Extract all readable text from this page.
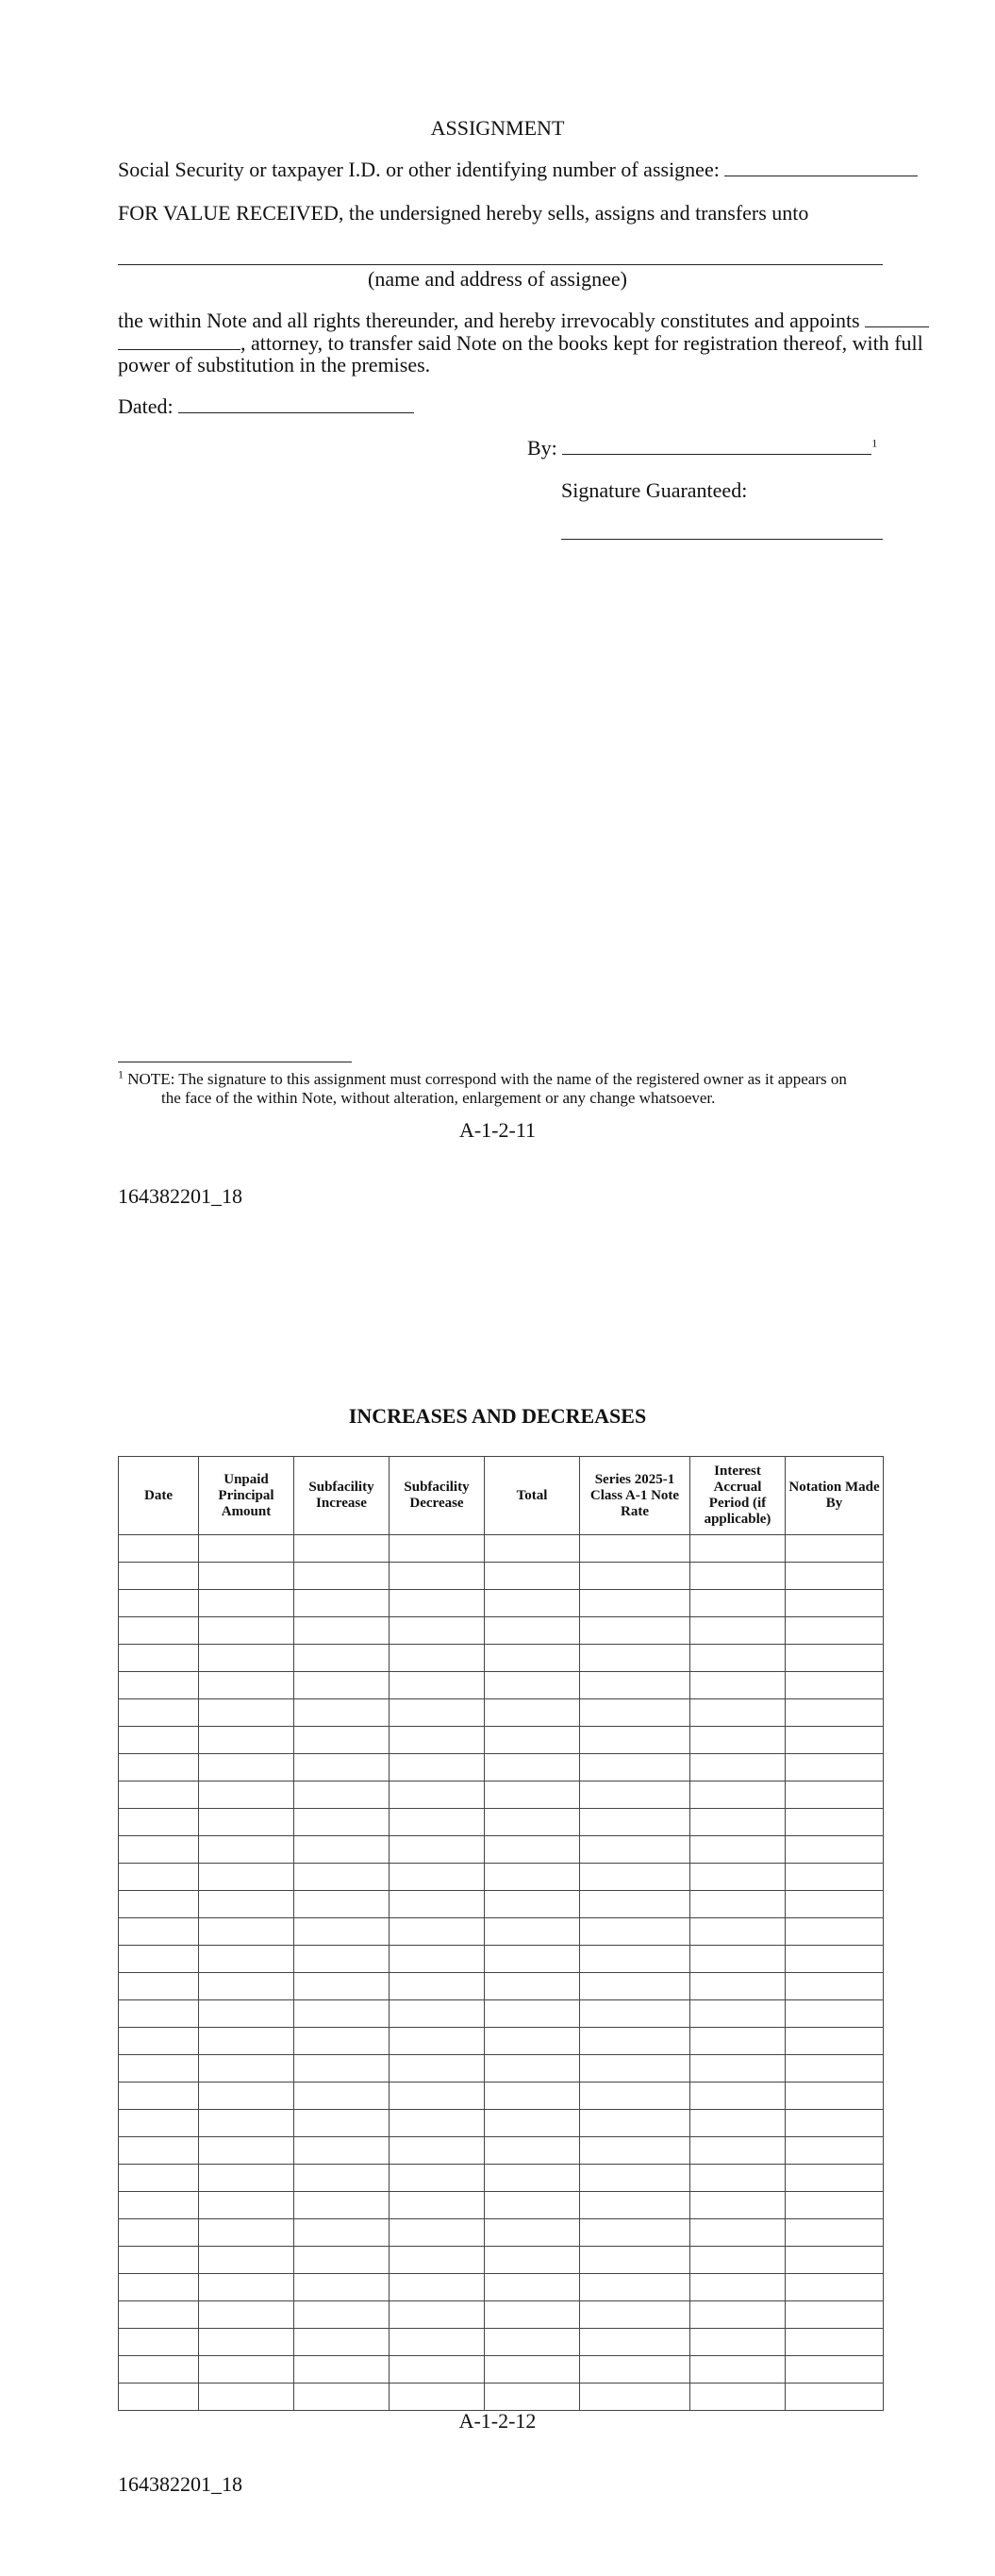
ASSIGNMENT
Social Security or taxpayer I.D. or other identifying number of assignee:
FOR VALUE RECEIVED, the undersigned hereby sells, assigns and transfers unto
(name and address of assignee)
the within Note and all rights thereunder, and hereby irrevocably constitutes and appoints
, attorney, to transfer said Note on the books kept for registration thereof, with full
power of substitution in the premises.
Dated:
By:	$^1$
Signature Guaranteed:
$^1$ NOTE: The signature to this assignment must correspond with the name of the registered owner as it appears on
the face of the within Note, without alteration, enlargement or any change whatsoever.
A-1-2-11
164382201_18
INCREASES AND DECREASES
Date	Unpaid Principal Amount	Subfacility Increase	Subfacility Decrease	Total	Series 2025-1 Class A-1 Note Rate	Interest Accrual Period (if applicable)	Notation Made By

A-1-2-12
164382201_18
